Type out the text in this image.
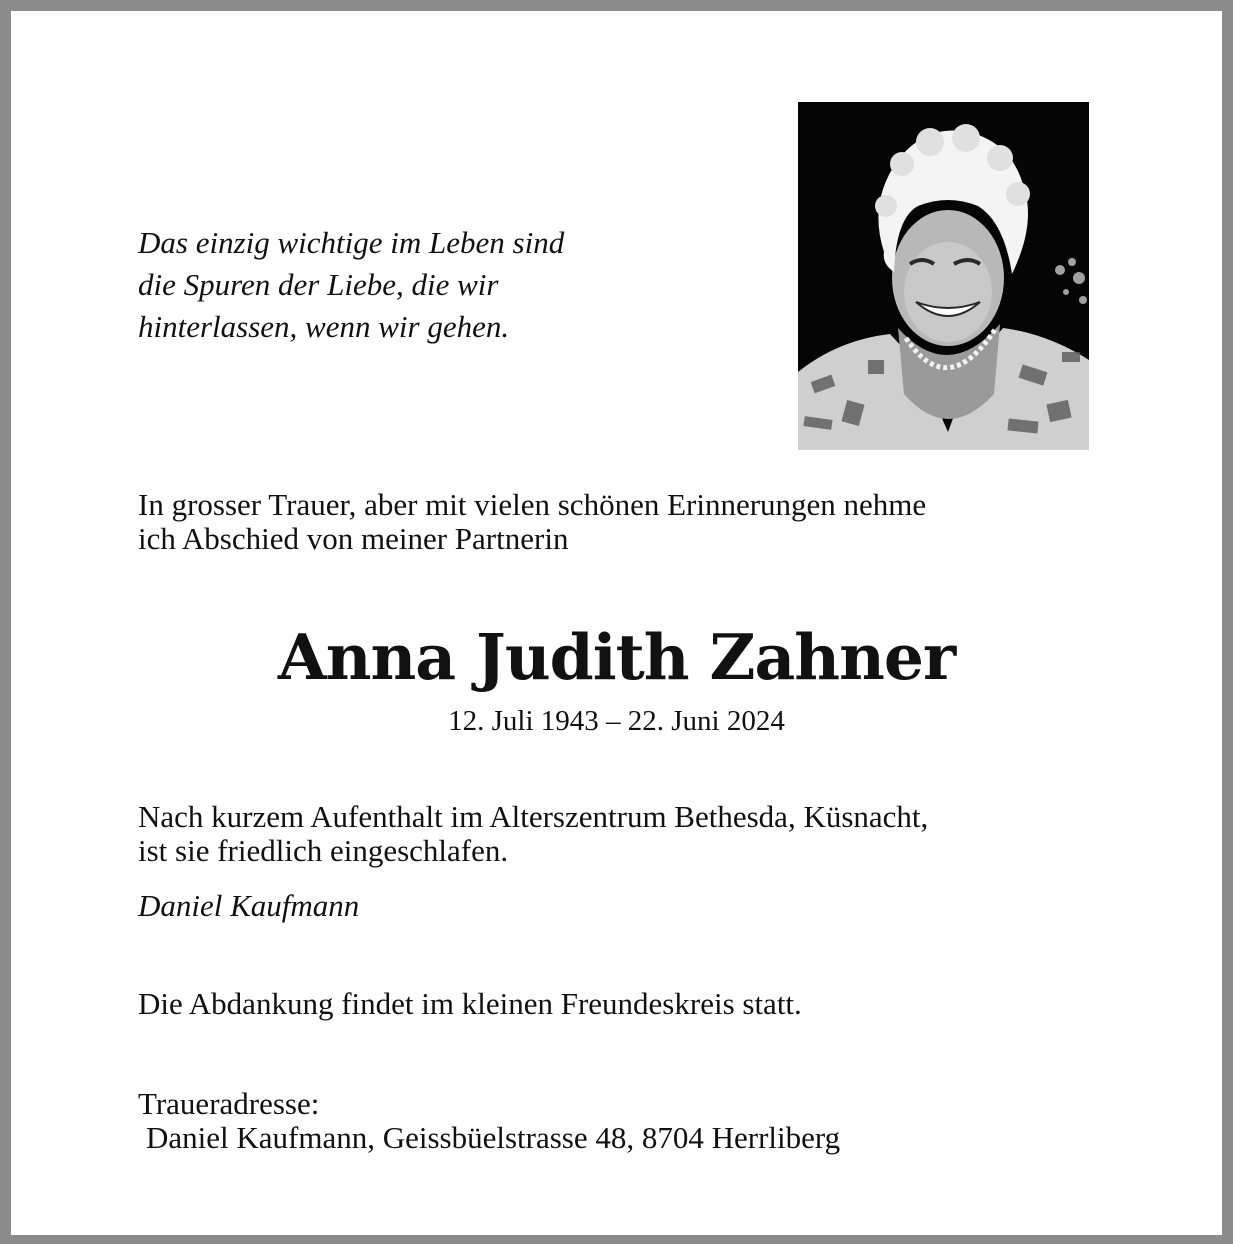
Das einzig wichtige im Leben sind
die Spuren der Liebe, die wir
hinterlassen, wenn wir gehen.
In grosser Trauer, aber mit vielen schönen Erinnerungen nehme
ich Abschied von meiner Partnerin
Anna Judith Zahner

12. Juli 1943 – 22. Juni 2024

Nach kurzem Aufenthalt im Alterszentrum Bethesda, Küsnacht,
ist sie friedlich eingeschlafen.
Daniel Kaufmann
Die Abdankung findet im kleinen Freundeskreis statt.
Traueradresse:
Daniel Kaufmann, Geissbüelstrasse 48, 8704 Herrliberg
